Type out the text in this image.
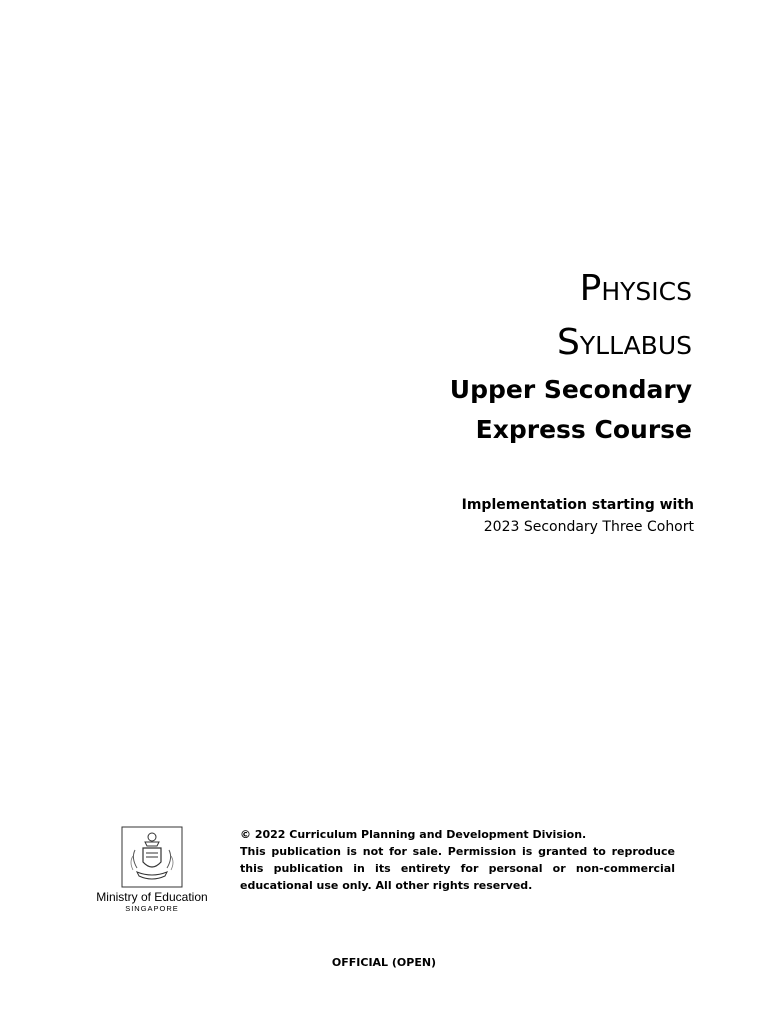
Physics
Syllabus
Upper Secondary
Express Course
Implementation starting with
2023 Secondary Three Cohort
Ministry of Education
SINGAPORE

© 2022 Curriculum Planning and Development Division.

This publication is not for sale. Permission is granted to reproduce this publication in its entirety for personal or non-commercial educational use only. All other rights reserved.

OFFICIAL (OPEN)
